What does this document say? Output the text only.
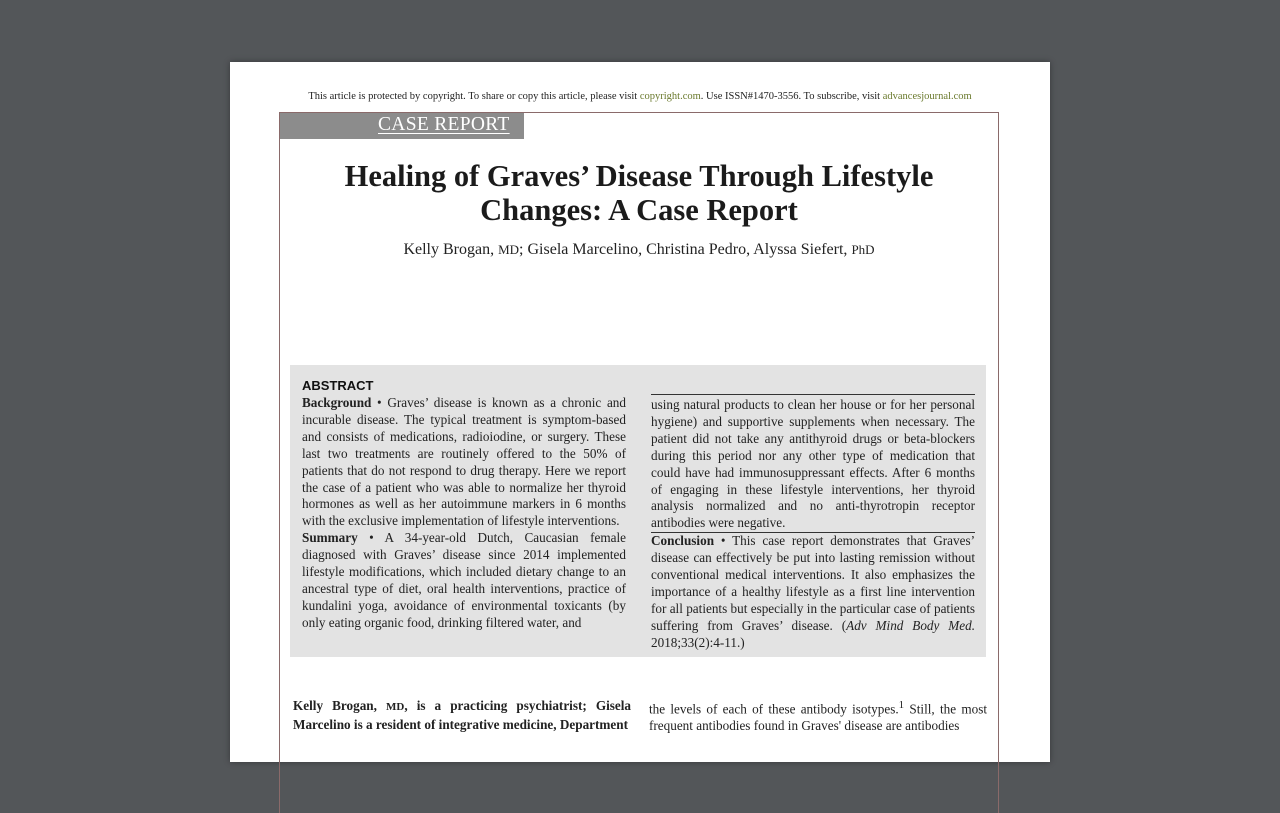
This article is protected by copyright. To share or copy this article, please visit copyright.com. Use ISSN#1470-3556. To subscribe, visit advancesjournal.com
CASE REPORT
Healing of Graves’ Disease Through Lifestyle
Changes: A Case Report
Kelly Brogan, MD; Gisela Marcelino, Christina Pedro, Alyssa Siefert, PhD
ABSTRACT

Background • Graves’ disease is known as a chronic and incurable disease. The typical treatment is symptom-based and consists of medications, radioiodine, or surgery. These last two treatments are routinely offered to the 50% of patients that do not respond to drug therapy. Here we report the case of a patient who was able to normalize her thyroid hormones as well as her autoimmune markers in 6 months with the exclusive implementation of lifestyle interventions.

Summary • A 34-year-old Dutch, Caucasian female diagnosed with Graves’ disease since 2014 implemented lifestyle modifications, which included dietary change to an ancestral type of diet, oral health interventions, practice of kundalini yoga, avoidance of environmental toxicants (by only eating organic food, drinking filtered water, and

using natural products to clean her house or for her personal hygiene) and supportive supplements when necessary. The patient did not take any antithyroid drugs or beta-blockers during this period nor any other type of medication that could have had immunosuppressant effects. After 6 months of engaging in these lifestyle interventions, her thyroid analysis normalized and no anti-thyrotropin receptor antibodies were negative.

Conclusion • This case report demonstrates that Graves’ disease can effectively be put into lasting remission without conventional medical interventions. It also emphasizes the importance of a healthy lifestyle as a first line intervention for all patients but especially in the particular case of patients suffering from Graves’ disease. (Adv Mind Body Med. 2018;33(2):4-11.)

Kelly Brogan, MD, is a practicing psychiatrist; Gisela Marcelino is a resident of integrative medicine, Department
the levels of each of these antibody isotypes.$^1$ Still, the most frequent antibodies found in Graves' disease are antibodies
